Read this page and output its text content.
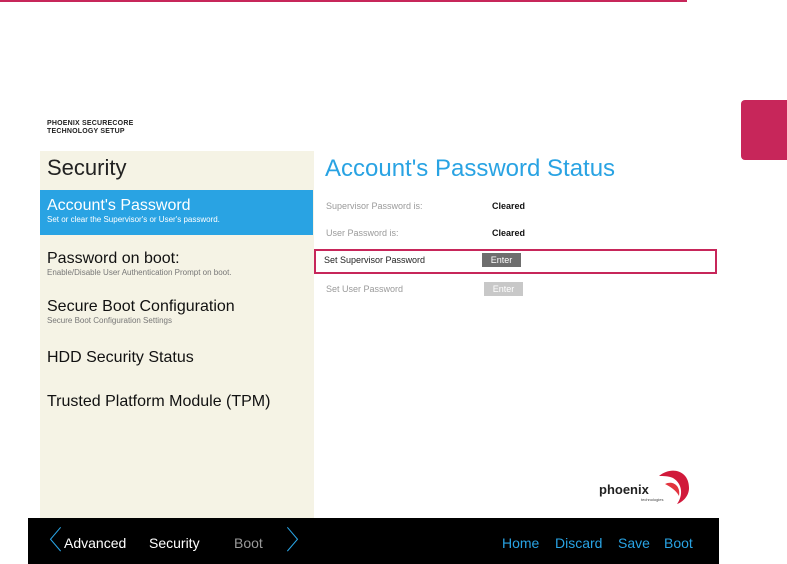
PHOENIX SECURECORE
TECHNOLOGY SETUP
Security
Account's Password
Set or clear the Supervisor's or User's password.
Password on boot:
Enable/Disable User Authentication Prompt on boot.
Secure Boot Configuration
Secure Boot Configuration Settings
HDD Security Status
Trusted Platform Module (TPM)
Account's Password Status
Supervisor Password is:	Cleared
User Password is:	Cleared
Set Supervisor Password	Enter
Set User Password	Enter
phoenix
technologies
〈 Advanced Security Boot 〉	Home Discard Save Boot
